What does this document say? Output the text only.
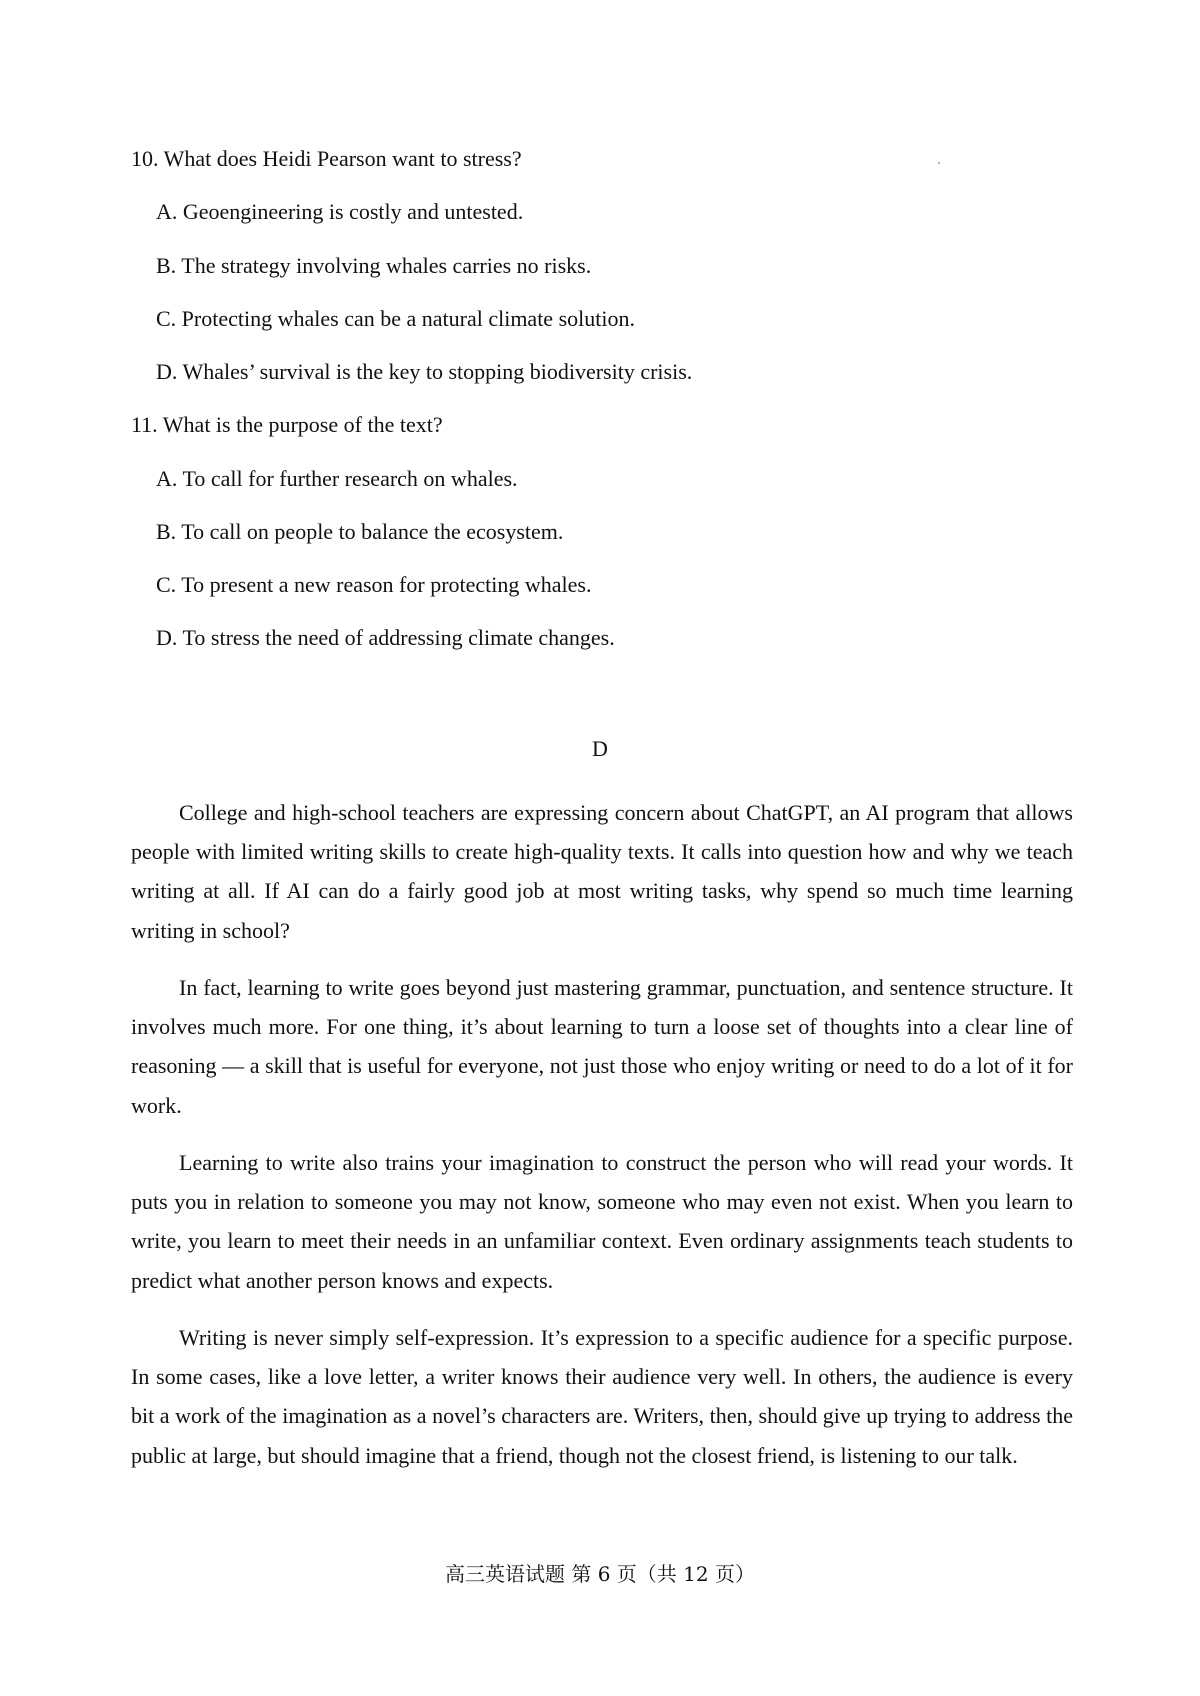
10. What does Heidi Pearson want to stress?
A. Geoengineering is costly and untested.
B. The strategy involving whales carries no risks.
C. Protecting whales can be a natural climate solution.
D. Whales’ survival is the key to stopping biodiversity crisis.
11. What is the purpose of the text?
A. To call for further research on whales.
B. To call on people to balance the ecosystem.
C. To present a new reason for protecting whales.
D. To stress the need of addressing climate changes.
D

College and high-school teachers are expressing concern about ChatGPT, an AI program that allows people with limited writing skills to create high-quality texts. It calls into question how and why we teach writing at all. If AI can do a fairly good job at most writing tasks, why spend so much time learning writing in school?

In fact, learning to write goes beyond just mastering grammar, punctuation, and sentence structure. It involves much more. For one thing, it’s about learning to turn a loose set of thoughts into a clear line of reasoning — a skill that is useful for everyone, not just those who enjoy writing or need to do a lot of it for work.

Learning to write also trains your imagination to construct the person who will read your words. It puts you in relation to someone you may not know, someone who may even not exist. When you learn to write, you learn to meet their needs in an unfamiliar context. Even ordinary assignments teach students to predict what another person knows and expects.

Writing is never simply self-expression. It’s expression to a specific audience for a specific purpose. In some cases, like a love letter, a writer knows their audience very well. In others, the audience is every bit a work of the imagination as a novel’s characters are. Writers, then, should give up trying to address the public at large, but should imagine that a friend, though not the closest friend, is listening to our talk.

高三英语试题 第 6 页（共 12 页）
